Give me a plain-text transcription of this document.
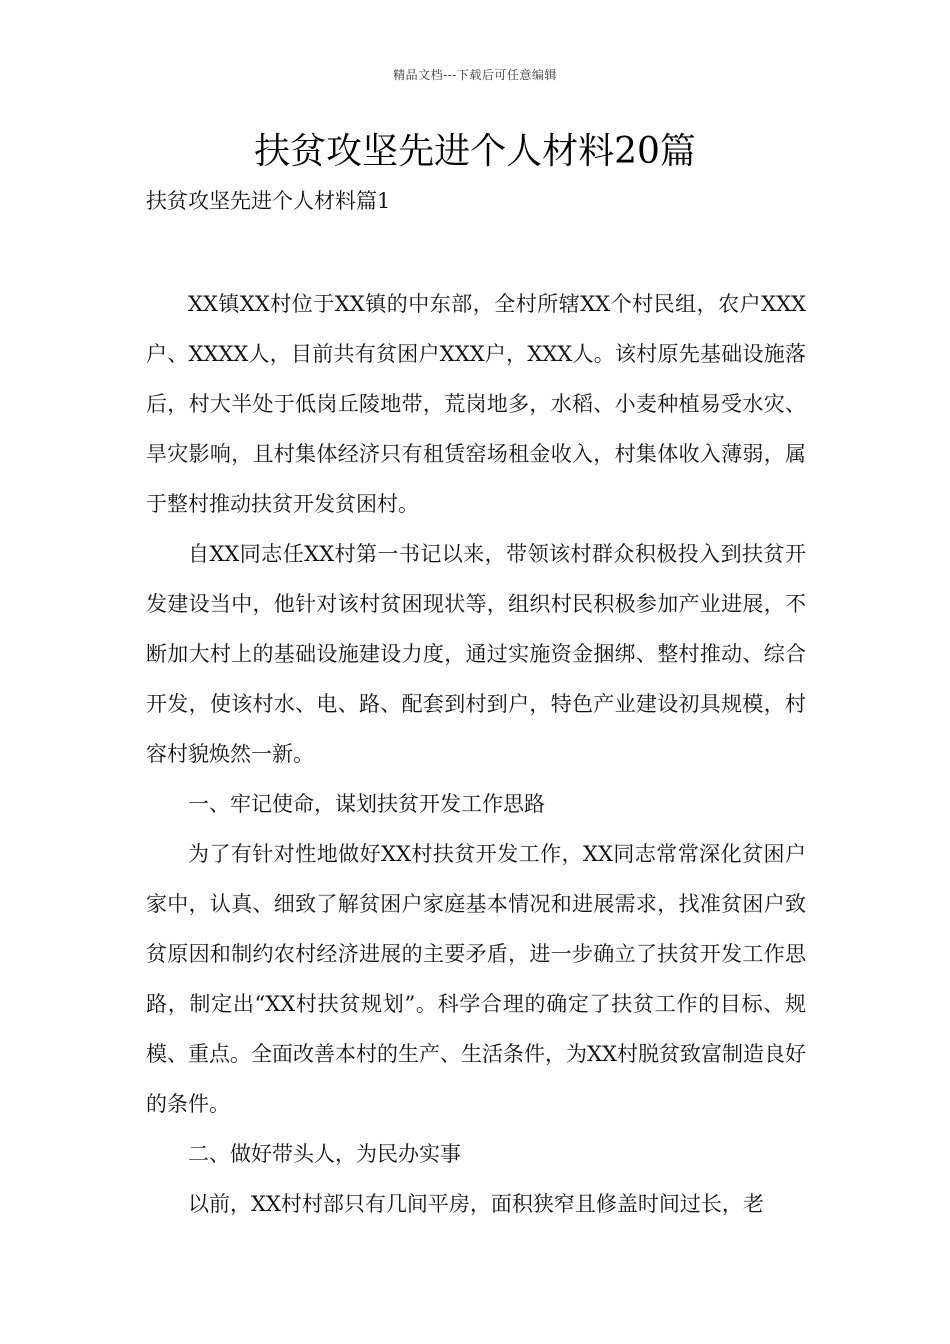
精品文档---下载后可任意编辑
扶贫攻坚先进个人材料20篇
扶贫攻坚先进个人材料篇1

XX镇XX村位于XX镇的中东部，全村所辖XX个村民组，农户XXX户、XXXX人，目前共有贫困户XXX户，XXX人。该村原先基础设施落后，村大半处于低岗丘陵地带，荒岗地多，水稻、小麦种植易受水灾、旱灾影响，且村集体经济只有租赁窑场租金收入，村集体收入薄弱，属于整村推动扶贫开发贫困村。

自XX同志任XX村第一书记以来，带领该村群众积极投入到扶贫开发建设当中，他针对该村贫困现状等，组织村民积极参加产业进展，不断加大村上的基础设施建设力度，通过实施资金捆绑、整村推动、综合开发，使该村水、电、路、配套到村到户，特色产业建设初具规模，村容村貌焕然一新。

一、牢记使命，谋划扶贫开发工作思路

为了有针对性地做好XX村扶贫开发工作，XX同志常常深化贫困户家中，认真、细致了解贫困户家庭基本情况和进展需求，找准贫困户致贫原因和制约农村经济进展的主要矛盾，进一步确立了扶贫开发工作思路，制定出“XX村扶贫规划”。科学合理的确定了扶贫工作的目标、规模、重点。全面改善本村的生产、生活条件，为XX村脱贫致富制造良好的条件。

二、做好带头人，为民办实事

以前，XX村村部只有几间平房，面积狭窄且修盖时间过长，老
